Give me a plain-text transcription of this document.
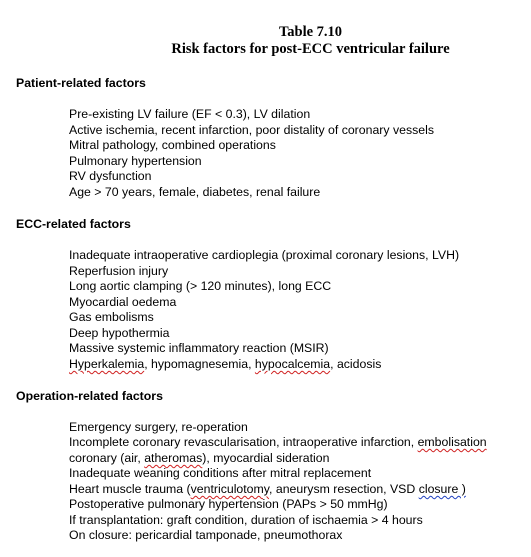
Table 7.10
Risk factors for post-ECC ventricular failure
Patient-related factors
Pre-existing LV failure (EF < 0.3), LV dilation
Active ischemia, recent infarction, poor distality of coronary vessels
Mitral pathology, combined operations
Pulmonary hypertension
RV dysfunction
Age > 70 years, female, diabetes, renal failure
ECC-related factors
Inadequate intraoperative cardioplegia (proximal coronary lesions, LVH)
Reperfusion injury
Long aortic clamping (> 120 minutes), long ECC
Myocardial oedema
Gas embolisms
Deep hypothermia
Massive systemic inflammatory reaction (MSIR)
Hyperkalemia, hypomagnesemia, hypocalcemia, acidosis
Operation-related factors
Emergency surgery, re-operation
Incomplete coronary revascularisation, intraoperative infarction, embolisation
coronary (air, atheromas), myocardial sideration
Inadequate weaning conditions after mitral replacement
Heart muscle trauma (ventriculotomy, aneurysm resection, VSD closure )
Postoperative pulmonary hypertension (PAPs > 50 mmHg)
If transplantation: graft condition, duration of ischaemia > 4 hours
On closure: pericardial tamponade, pneumothorax
